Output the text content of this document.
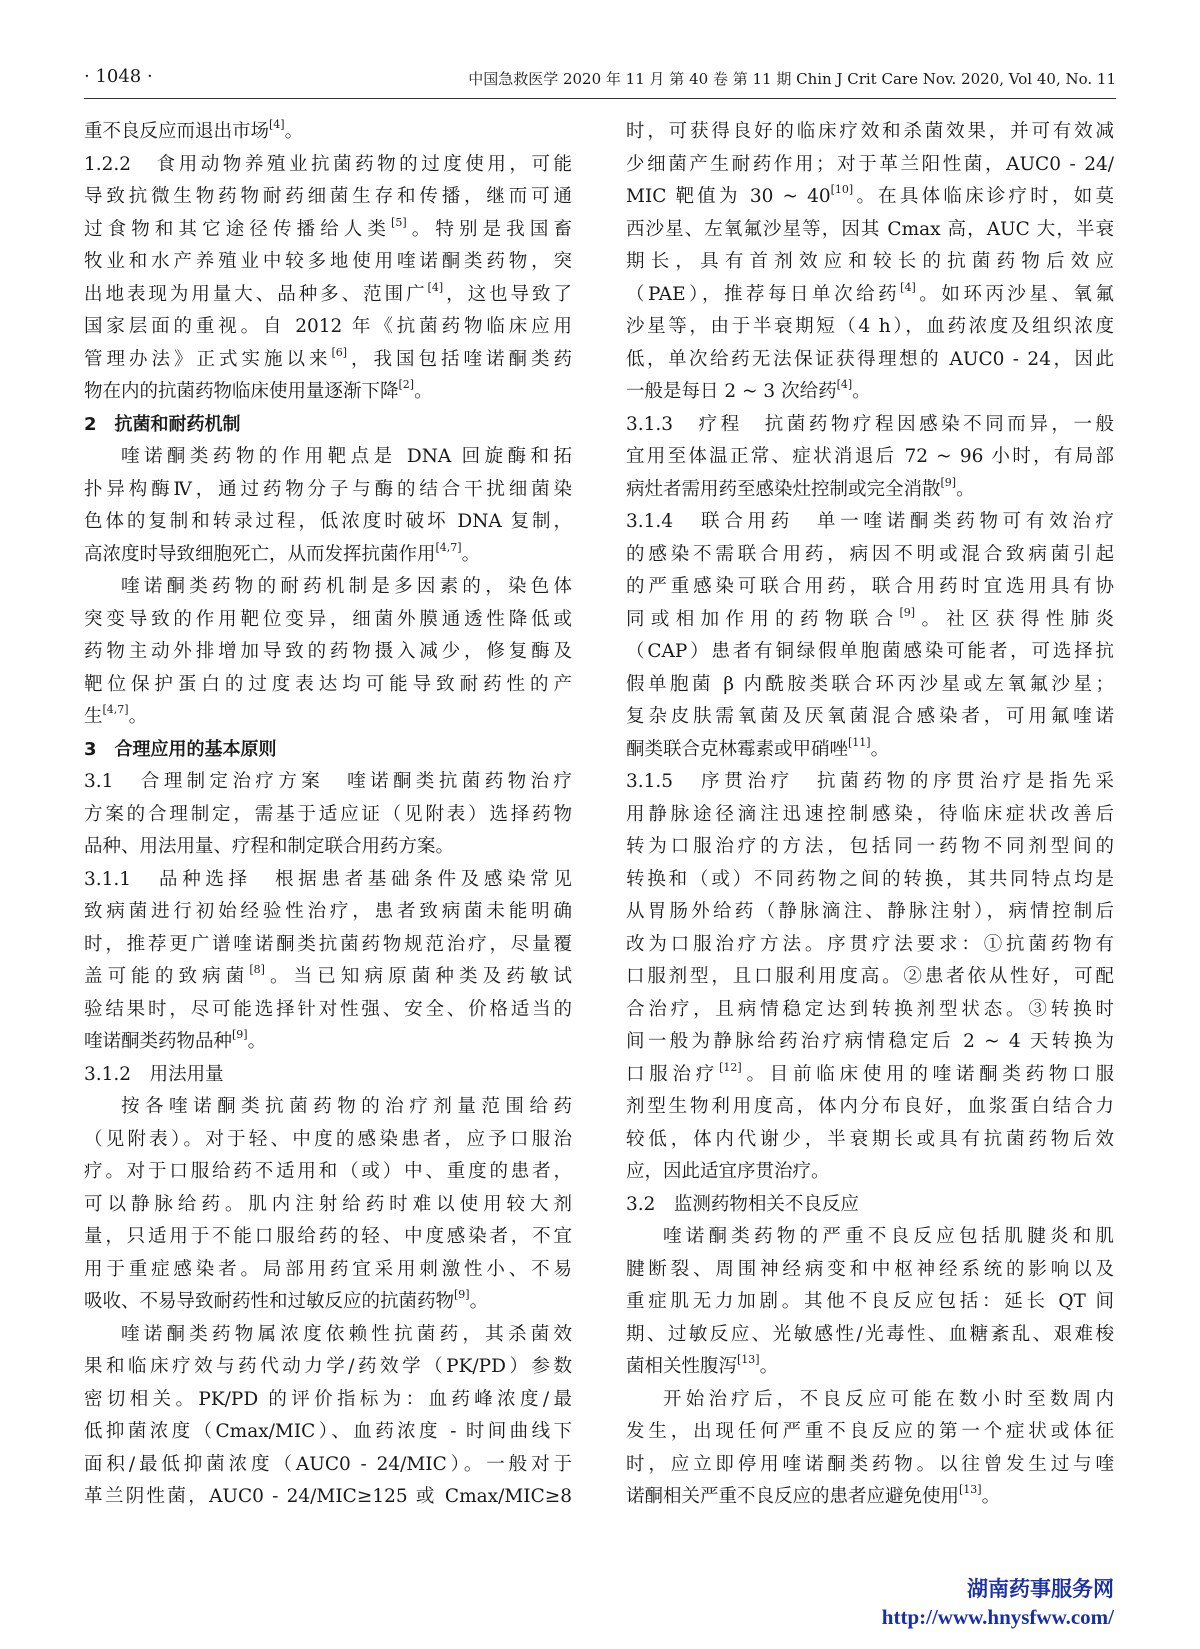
· 1048 ·	中国急救医学 2020 年 11 月 第 40 卷 第 11 期 Chin J Crit Care Nov. 2020, Vol 40, No. 11
重不良反应而退出市场[4]。
1.2.2　食用动物养殖业抗菌药物的过度使用，可能
导致抗微生物药物耐药细菌生存和传播，继而可通
过食物和其它途径传播给人类[5]。特别是我国畜
牧业和水产养殖业中较多地使用喹诺酮类药物，突
出地表现为用量大、品种多、范围广[4]，这也导致了
国家层面的重视。自 2012 年《抗菌药物临床应用
管理办法》正式实施以来[6]，我国包括喹诺酮类药
物在内的抗菌药物临床使用量逐渐下降[2]。
2　抗菌和耐药机制
喹诺酮类药物的作用靶点是 DNA 回旋酶和拓
扑异构酶Ⅳ，通过药物分子与酶的结合干扰细菌染
色体的复制和转录过程，低浓度时破坏 DNA 复制，
高浓度时导致细胞死亡，从而发挥抗菌作用[4,7]。
喹诺酮类药物的耐药机制是多因素的，染色体
突变导致的作用靶位变异，细菌外膜通透性降低或
药物主动外排增加导致的药物摄入减少，修复酶及
靶位保护蛋白的过度表达均可能导致耐药性的产
生[4,7]。
3　合理应用的基本原则
3.1　合理制定治疗方案　喹诺酮类抗菌药物治疗
方案的合理制定，需基于适应证（见附表）选择药物
品种、用法用量、疗程和制定联合用药方案。
3.1.1　品种选择　根据患者基础条件及感染常见
致病菌进行初始经验性治疗，患者致病菌未能明确
时，推荐更广谱喹诺酮类抗菌药物规范治疗，尽量覆
盖可能的致病菌[8]。当已知病原菌种类及药敏试
验结果时，尽可能选择针对性强、安全、价格适当的
喹诺酮类药物品种[9]。
3.1.2　用法用量
按各喹诺酮类抗菌药物的治疗剂量范围给药
（见附表）。对于轻、中度的感染患者，应予口服治
疗。对于口服给药不适用和（或）中、重度的患者，
可以静脉给药。肌内注射给药时难以使用较大剂
量，只适用于不能口服给药的轻、中度感染者，不宜
用于重症感染者。局部用药宜采用刺激性小、不易
吸收、不易导致耐药性和过敏反应的抗菌药物[9]。
喹诺酮类药物属浓度依赖性抗菌药，其杀菌效
果和临床疗效与药代动力学/药效学（PK/PD）参数
密切相关。PK/PD 的评价指标为：血药峰浓度/最
低抑菌浓度（Cmax/MIC）、血药浓度 - 时间曲线下
面积/最低抑菌浓度（AUC0 - 24/MIC）。一般对于
革兰阴性菌，AUC0 - 24/MIC≥125 或 Cmax/MIC≥8
时，可获得良好的临床疗效和杀菌效果，并可有效减
少细菌产生耐药作用；对于革兰阳性菌，AUC0 - 24/
MIC 靶值为 30 ~ 40[10]。在具体临床诊疗时，如莫
西沙星、左氧氟沙星等，因其 Cmax 高，AUC 大，半衰
期长，具有首剂效应和较长的抗菌药物后效应
（PAE），推荐每日单次给药[4]。如环丙沙星、氧氟
沙星等，由于半衰期短（4 h），血药浓度及组织浓度
低，单次给药无法保证获得理想的 AUC0 - 24，因此
一般是每日 2 ~ 3 次给药[4]。
3.1.3　疗程　抗菌药物疗程因感染不同而异，一般
宜用至体温正常、症状消退后 72 ~ 96 小时，有局部
病灶者需用药至感染灶控制或完全消散[9]。
3.1.4　联合用药　单一喹诺酮类药物可有效治疗
的感染不需联合用药，病因不明或混合致病菌引起
的严重感染可联合用药，联合用药时宜选用具有协
同或相加作用的药物联合[9]。社区获得性肺炎
（CAP）患者有铜绿假单胞菌感染可能者，可选择抗
假单胞菌 β 内酰胺类联合环丙沙星或左氧氟沙星；
复杂皮肤需氧菌及厌氧菌混合感染者，可用氟喹诺
酮类联合克林霉素或甲硝唑[11]。
3.1.5　序贯治疗　抗菌药物的序贯治疗是指先采
用静脉途径滴注迅速控制感染，待临床症状改善后
转为口服治疗的方法，包括同一药物不同剂型间的
转换和（或）不同药物之间的转换，其共同特点均是
从胃肠外给药（静脉滴注、静脉注射），病情控制后
改为口服治疗方法。序贯疗法要求：①抗菌药物有
口服剂型，且口服利用度高。②患者依从性好，可配
合治疗，且病情稳定达到转换剂型状态。③转换时
间一般为静脉给药治疗病情稳定后 2 ~ 4 天转换为
口服治疗[12]。目前临床使用的喹诺酮类药物口服
剂型生物利用度高，体内分布良好，血浆蛋白结合力
较低，体内代谢少，半衰期长或具有抗菌药物后效
应，因此适宜序贯治疗。
3.2　监测药物相关不良反应
喹诺酮类药物的严重不良反应包括肌腱炎和肌
腱断裂、周围神经病变和中枢神经系统的影响以及
重症肌无力加剧。其他不良反应包括：延长 QT 间
期、过敏反应、光敏感性/光毒性、血糖紊乱、艰难梭
菌相关性腹泻[13]。
开始治疗后，不良反应可能在数小时至数周内
发生，出现任何严重不良反应的第一个症状或体征
时，应立即停用喹诺酮类药物。以往曾发生过与喹
诺酮相关严重不良反应的患者应避免使用[13]。
湖南药事服务网
http://www.hnysfww.com/
